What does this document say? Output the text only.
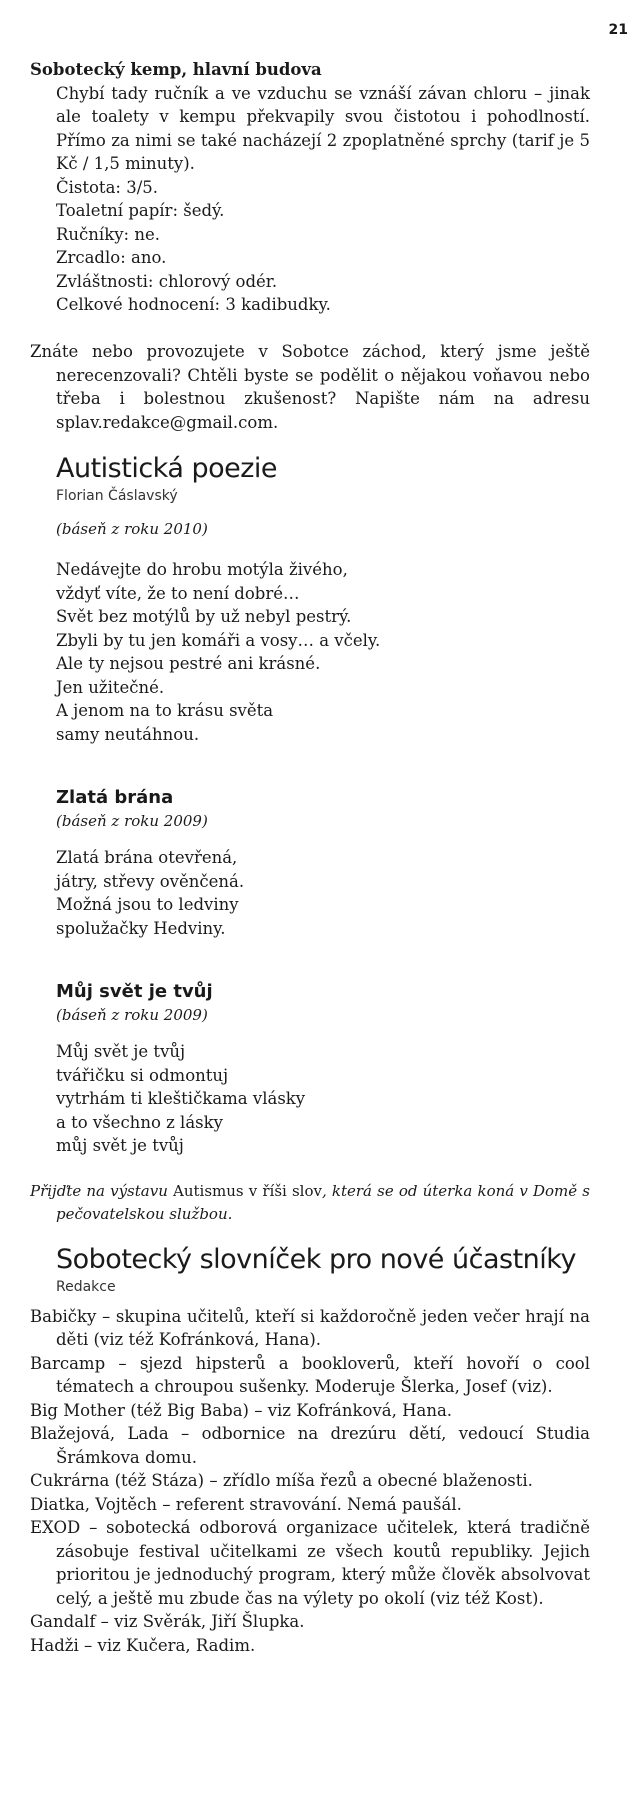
21
Sobotecký kemp, hlavní budova
Chybí tady ručník a ve vzduchu se vznáší závan chloru – jinak ale toalety v kempu překvapily svou čistotou i pohodlností. Přímo za nimi se také nacházejí 2 zpoplatněné sprchy (tarif je 5 Kč / 1,5 minuty).
Čistota: 3/5.
Toaletní papír: šedý.
Ručníky: ne.
Zrcadlo: ano.
Zvláštnosti: chlorový odér.
Celkové hodnocení: 3 kadibudky.

Znáte nebo provozujete v Sobotce záchod, který jsme ještě nerecenzovali? Chtěli byste se podělit o nějakou voňavou nebo třeba i bolestnou zkušenost? Napište nám na adresu splav.redakce@gmail.com.

Autistická poezie
Florian Čáslavský
(báseň z roku 2010)
Nedávejte do hrobu motýla živého,
vždyť víte, že to není dobré…
Svět bez motýlů by už nebyl pestrý.
Zbyli by tu jen komáři a vosy… a včely.
Ale ty nejsou pestré ani krásné.
Jen užitečné.
A jenom na to krásu světa
samy neutáhnou.
Zlatá brána
(báseň z roku 2009)
Zlatá brána otevřená,
játry, střevy ověnčená.
Možná jsou to ledviny
spolužačky Hedviny.
Můj svět je tvůj
(báseň z roku 2009)
Můj svět je tvůj
tvářičku si odmontuj
vytrhám ti kleštičkama vlásky
a to všechno z lásky
můj svět je tvůj

Přijďte na výstavu Autismus v říši slov, která se od úterka koná v Domě s pečovatelskou službou.

Sobotecký slovníček pro nové účastníky
Redakce

Babičky – skupina učitelů, kteří si každoročně jeden večer hrají na děti (viz též Kofránková, Hana).

Barcamp – sjezd hipsterů a bookloverů, kteří hovoří o cool tématech a chroupou sušenky. Moderuje Šlerka, Josef (viz).

Big Mother (též Big Baba) – viz Kofránková, Hana.

Blažejová, Lada – odbornice na drezúru dětí, vedoucí Studia Šrámkova domu.

Cukrárna (též Stáza) – zřídlo míša řezů a obecné blaženosti.

Diatka, Vojtěch – referent stravování. Nemá paušál.

EXOD – sobotecká odborová organizace učitelek, která tradičně zásobuje festival učitelkami ze všech koutů republiky. Jejich prioritou je jednoduchý program, který může člověk absolvovat celý, a ještě mu zbude čas na výlety po okolí (viz též Kost).

Gandalf – viz Svěrák, Jiří Šlupka.

Hadži – viz Kučera, Radim.
